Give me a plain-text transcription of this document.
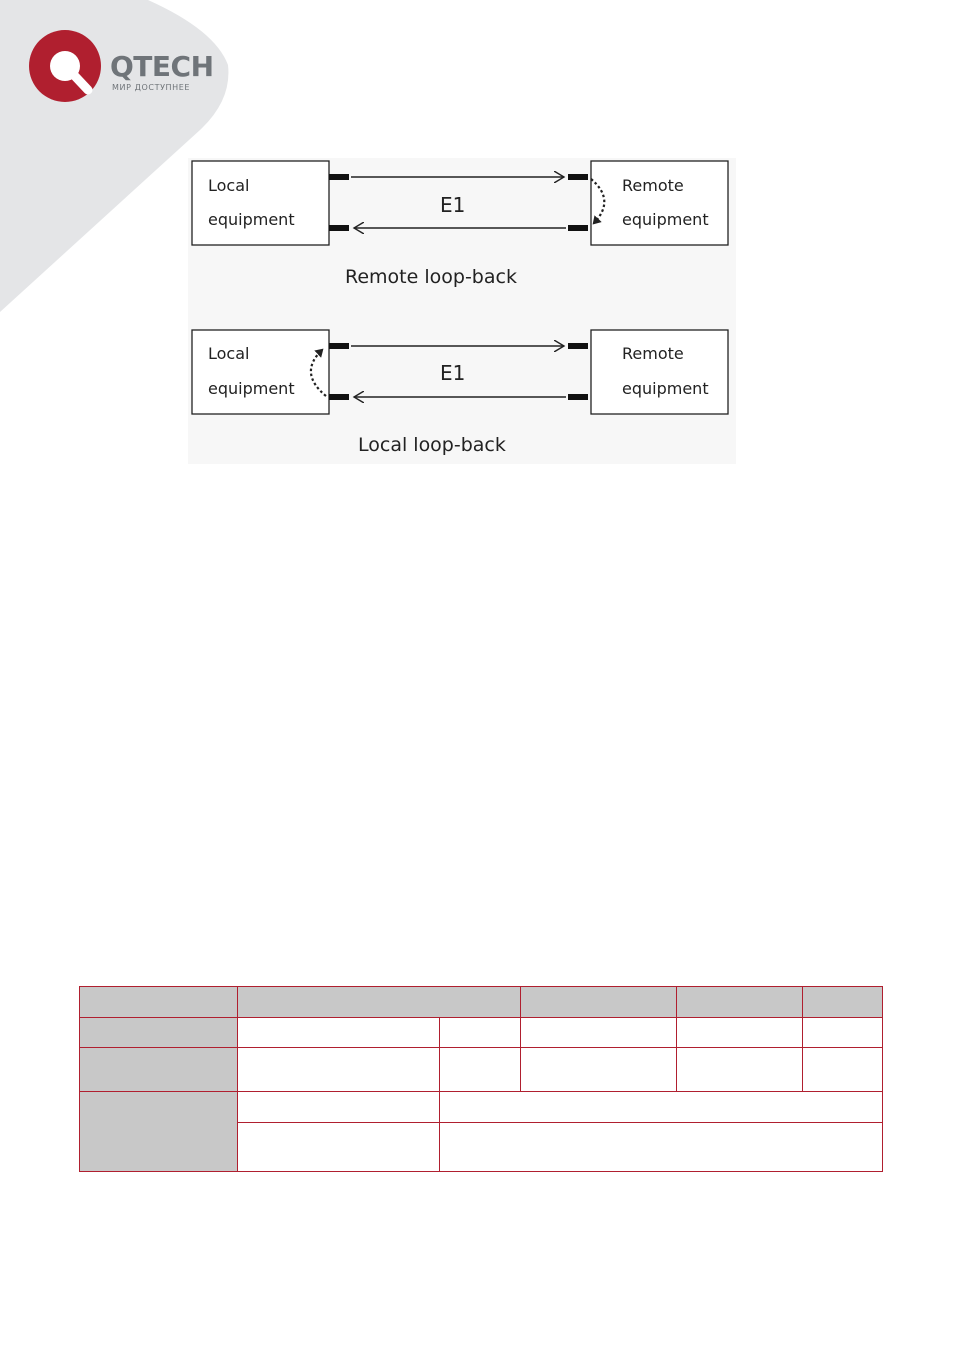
QTECH
МИР ДОСТУПНЕЕ
Local
equipment
Remote
equipment
E1
Remote loop-back
Local
equipment
Remote
equipment
E1
Local loop-back
